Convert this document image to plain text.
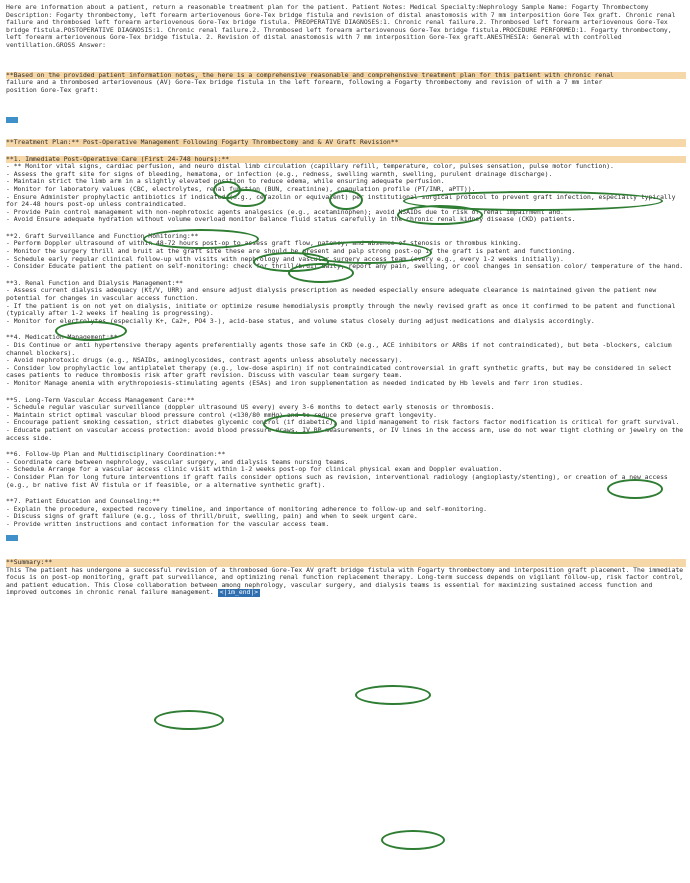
Here are information about a patient, return a reasonable treatment plan for the patient. Patient Notes: Medical Specialty:Nephrology Sample Name: Fogarty Thrombectomy Description: Fogarty thrombectomy, left forearm arteriovenous Gore-Tex bridge fistula and revision of distal anastomosis with 7 mm interposition Gore Tex graft. Chronic renal failure and thrombosed left forearm arteriovenous Gore-Tex bridge fistula. PREOPERATIVE DIAGNOSES:1. Chronic renal failure.2. Thrombosed left forearm arteriovenous Gore-Tex bridge fistula.POSTOPERATIVE DIAGNOSIS:1. Chronic renal failure.2. Thrombosed left forearm arteriovenous Gore-Tex bridge fistula.PROCEDURE PERFORMED:1. Fogarty thrombectomy, left forearm arteriovenous Gore-Tex bridge fistula. 2. Revision of distal anastomosis with 7 mm interposition Gore-Tex graft.ANESTHESIA: General with controlled ventillation.GROSS Answer:
**Based on the provided patient information notes, the here is a comprehensive reasonable and comprehensive treatment plan for this patient with chronic renal
failure and a thrombosed arteriovenous (AV) Gore-Tex bridge fistula in the left forearm, following a Fogarty thrombectomy and revision of with a 7 mm inter
position Gore-Tex graft:
**Treatment Plan:** Post-Operative Management Following Fogarty Thrombectomy and & AV Graft Revision**
**1. Immediate Post-Operative Care (First 24-748 hours):**
- ** Monitor vital signs, cardiac perfusion, and neuro distal limb circulation (capillary refill, temperature, color, pulses sensation, pulse motor function).
- Assess the graft site for signs of bleeding, hematoma, or infection (e.g., redness, swelling warmth, swelling, purulent drainage discharge).
- Maintain strict the limb arm in a slightly elevated position to reduce edema, while ensuring adequate perfusion.
- Monitor for laboratory values (CBC, electrolytes, renal function (BUN, creatinine), coagulation profile (PT/INR, aPTT)).
- Ensure Administer prophylactic antibiotics if indicated (e.g., cefazolin or equivalent) per institutional surgical protocol to prevent graft infection, especially typically for 24-48 hours post-op unless contraindicated.
- Provide Pain control management with non-nephrotoxic agents analgesics (e.g., acetaminophen); avoid NSAIDs due to risk of renal impairment and.
- Avoid Ensure adequate hydration without volume overload monitor balance fluid status carefully in the chronic renal kidney disease (CKD) patients.
**2. Graft Surveillance and Function Monitoring:**
- Perform Doppler ultrasound of within 48-72 hours post-op to assess graft flow, patency, and absence of stenosis or thrombus kinking.
- Monitor the surgery thrill and bruit at the graft site these are should be present and palp strong post-op if the graft is patent and functioning.
- Schedule early regular clinical follow-up with visits with nephrology and vascular surgery access team (every e.g., every 1-2 weeks initially).
- Consider Educate patient the patient on self-monitoring: check for thrill/bruit daily, report any pain, swelling, or cool changes in sensation color/ temperature of the hand.
**3. Renal Function and Dialysis Management:**
- Assess current dialysis adequacy (Kt/V, URR) and ensure adjust dialysis prescription as needed especially ensure adequate clearance is maintained given the patient new potential for changes in vascular access function.
- If the patient is on not yet on dialysis, initiate or optimize resume hemodialysis promptly through the newly revised graft as once it confirmed to be patent and functional (typically after 1-2 weeks if healing is progressing).
- Monitor for electrolytes (especially K+, Ca2+, PO4 3-), acid-base status, and volume status closely during adjust medications and dialysis accordingly.
**4. Medication Management:**
- Dis Continue or anti hypertensive therapy agents preferentially agents those safe in CKD (e.g., ACE inhibitors or ARBs if not contraindicated), but beta -blockers, calcium channel blockers).
- Avoid nephrotoxic drugs (e.g., NSAIDs, aminoglycosides, contrast agents unless absolutely necessary).
- Consider low prophylactic low antiplatelet therapy (e.g., low-dose aspirin) if not contraindicated controversial in graft synthetic grafts, but may be considered in select cases patients to reduce thrombosis risk after graft revision. Discuss with vascular team surgery team.
- Monitor Manage anemia with erythropoiesis-stimulating agents (ESAs) and iron supplementation as needed indicated by Hb levels and ferr iron studies.
**5. Long-Term Vascular Access Management Care:**
- Schedule regular vascular surveillance (doppler ultrasound US every) every 3-6 months to detect early stenosis or thrombosis.
- Maintain strict optimal vascular blood pressure control (<130/80 mmHg) and to reduce preserve graft longevity.
- Encourage patient smoking cessation, strict diabetes glycemic control (if diabetic), and lipid management to risk factors factor modification is critical for graft survival.
- Educate patient on vascular access protection: avoid blood pressure draws, IV BP measurements, or IV lines in the access arm, use do not wear tight clothing or jewelry on the access side.
**6. Follow-Up Plan and Multidisciplinary Coordination:**
- Coordinate care between nephrology, vascular surgery, and dialysis teams nursing teams.
- Schedule Arrange for a vascular access clinic visit within 1-2 weeks post-op for clinical physical exam and Doppler evaluation.
- Consider Plan for long future interventions if graft fails consider options such as revision, interventional radiology (angioplasty/stenting), or creation of a new access (e.g., br native fist AV fistula or if feasible, or a alternative synthetic graft).
**7. Patient Education and Counseling:**
- Explain the procedure, expected recovery timeline, and importance of monitoring adherence to follow-up and self-monitoring.
- Discuss signs of graft failure (e.g., loss of thrill/bruit, swelling, pain) and when to seek urgent care.
- Provide written instructions and contact information for the vascular access team.
**Summary:**
This The patient has undergone a successful revision of a thrombosed Gore-Tex AV graft bridge fistula with Fogarty thrombectomy and interposition graft placement. The immediate focus is on post-op monitoring, graft pat surveillance, and optimizing renal function replacement therapy. Long-term success depends on vigilant follow-up, risk factor control, and patient education. This Close collaboration between among nephrology, vascular surgery, and dialysis teams is essential for maximizing sustained access function and improved outcomes in chronic renal failure management. <|im_end|>
